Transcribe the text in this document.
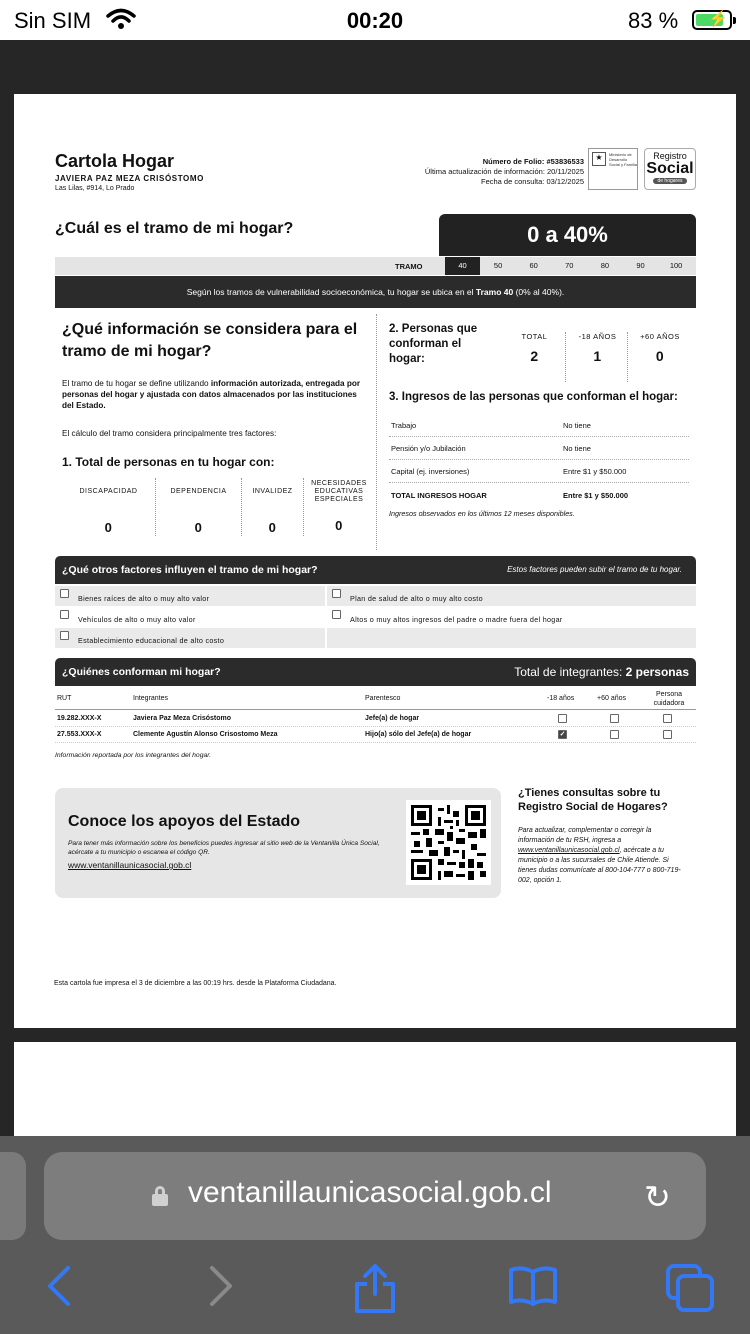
Sin SIM	00:20	83 % ⚡
Cartola Hogar
JAVIERA PAZ MEZA CRISÓSTOMO
Las Lilas, #914, Lo Prado
Número de Folio: #53836533
Última actualización de información: 20/11/2025
Fecha de consulta: 03/12/2025
★	Ministerio de Desarrollo Social y Familia
Registro
Social
de hogares
¿Cuál es el tramo de mi hogar?	0 a 40%
TRAMO	40	50	60	70	80	90	100
Según los tramos de vulnerabilidad socioeconómica, tu hogar se ubica en el Tramo 40 (0% al 40%).
¿Qué información se considera para el tramo de mi hogar?
El tramo de tu hogar se define utilizando información autorizada, entregada por personas del hogar y ajustada con datos almacenados por las instituciones del Estado.
El cálculo del tramo considera principalmente tres factores:
1. Total de personas en tu hogar con:
DISCAPACIDAD
0
DEPENDENCIA
0
INVALIDEZ
0
NECESIDADES EDUCATIVAS ESPECIALES
0
2. Personas que conforman el hogar:
TOTAL
2
-18 AÑOS
1
+60 AÑOS
0
3. Ingresos de las personas que conforman el hogar:
Trabajo	No tiene
Pensión y/o Jubilación	No tiene
Capital (ej. inversiones)	Entre $1 y $50.000
TOTAL INGRESOS HOGAR	Entre $1 y $50.000
Ingresos observados en los últimos 12 meses disponibles.
¿Qué otros factores influyen el tramo de mi hogar?	Estos factores pueden subir el tramo de tu hogar.
Bienes raíces de alto o muy alto valor	Plan de salud de alto o muy alto costo
Vehículos de alto o muy alto valor	Altos o muy altos ingresos del padre o madre fuera del hogar
Establecimiento educacional de alto costo
¿Quiénes conforman mi hogar?	Total de integrantes: 2 personas
RUT	Integrantes	Parentesco	-18 años	+60 años
Persona cuidadora
19.282.XXX-X	Javiera Paz Meza Crisóstomo	Jefe(a) de hogar
27.553.XXX-X	Clemente Agustín Alonso Crisostomo Meza	Hijo(a) sólo del Jefe(a) de hogar	✓
Información reportada por los integrantes del hogar.
Conoce los apoyos del Estado
Para tener más información sobre los beneficios puedes ingresar al sitio web de la Ventanilla Única Social, acércate a tu municipio o escanea el código QR.
www.ventanillaunicasocial.gob.cl
¿Tienes consultas sobre tu Registro Social de Hogares?
Para actualizar, complementar o corregir la información de tu RSH, ingresa a www.ventanillaunicasocial.gob.cl, acércate a tu municipio o a las sucursales de Chile Atiende. Si tienes dudas comunícate al 800-104-777 o 800-719-002, opción 1.
Esta cartola fue impresa el 3 de diciembre a las 00:19 hrs. desde la Plataforma Ciudadana.
ventanillaunicasocial.gob.cl	↻
